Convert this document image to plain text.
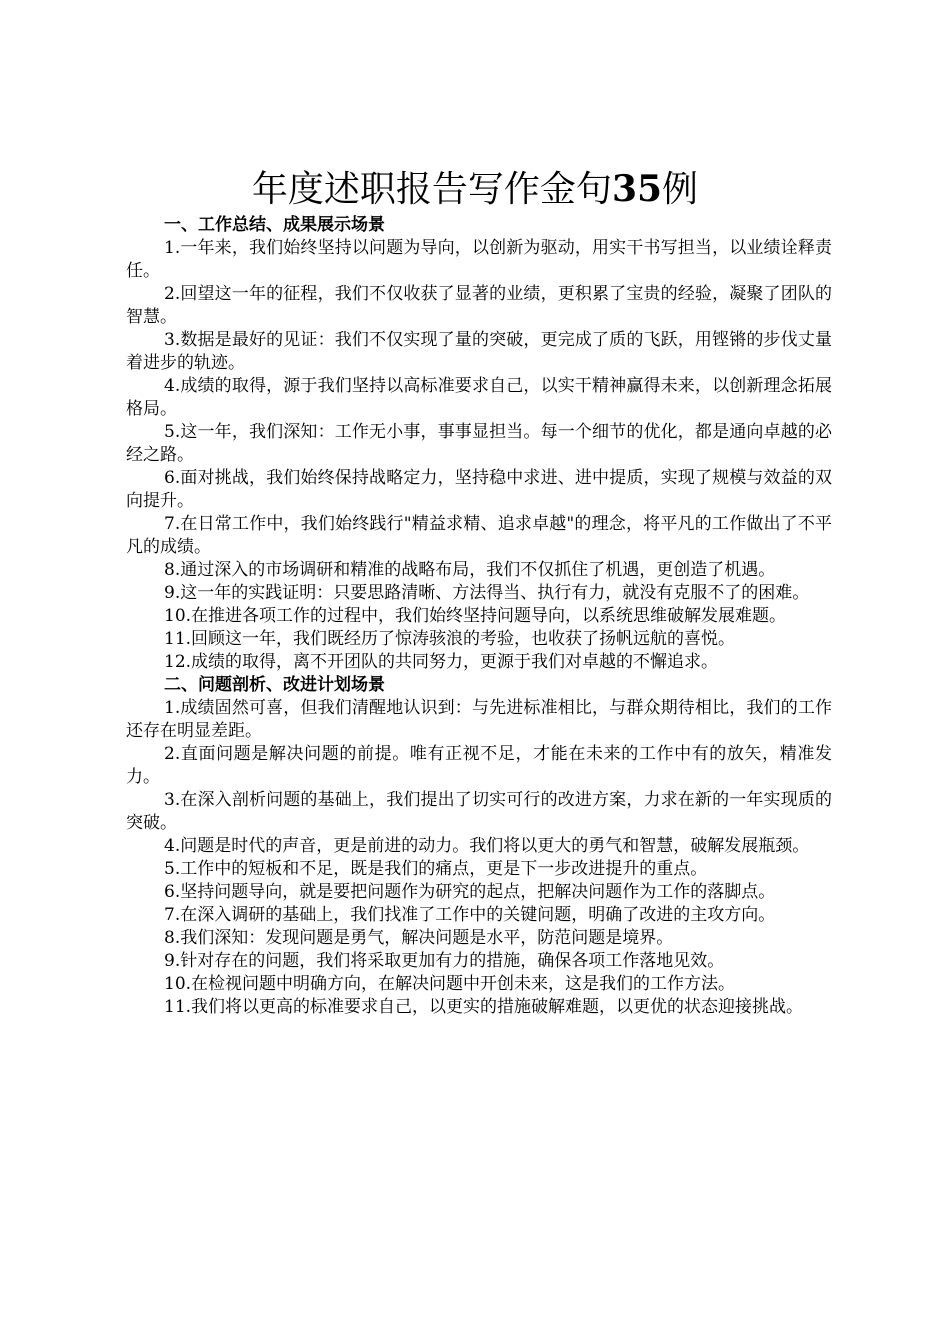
年度述职报告写作金句35例

一、工作总结、成果展示场景

1.一年来，我们始终坚持以问题为导向，以创新为驱动，用实干书写担当，以业绩诠释责任。

2.回望这一年的征程，我们不仅收获了显著的业绩，更积累了宝贵的经验，凝聚了团队的智慧。

3.数据是最好的见证：我们不仅实现了量的突破，更完成了质的飞跃，用铿锵的步伐丈量着进步的轨迹。

4.成绩的取得，源于我们坚持以高标准要求自己，以实干精神赢得未来，以创新理念拓展格局。

5.这一年，我们深知：工作无小事，事事显担当。每一个细节的优化，都是通向卓越的必经之路。

6.面对挑战，我们始终保持战略定力，坚持稳中求进、进中提质，实现了规模与效益的双向提升。

7.在日常工作中，我们始终践行"精益求精、追求卓越"的理念，将平凡的工作做出了不平凡的成绩。

8.通过深入的市场调研和精准的战略布局，我们不仅抓住了机遇，更创造了机遇。

9.这一年的实践证明：只要思路清晰、方法得当、执行有力，就没有克服不了的困难。

10.在推进各项工作的过程中，我们始终坚持问题导向，以系统思维破解发展难题。

11.回顾这一年，我们既经历了惊涛骇浪的考验，也收获了扬帆远航的喜悦。

12.成绩的取得，离不开团队的共同努力，更源于我们对卓越的不懈追求。

二、问题剖析、改进计划场景

1.成绩固然可喜，但我们清醒地认识到：与先进标准相比，与群众期待相比，我们的工作还存在明显差距。

2.直面问题是解决问题的前提。唯有正视不足，才能在未来的工作中有的放矢，精准发力。

3.在深入剖析问题的基础上，我们提出了切实可行的改进方案，力求在新的一年实现质的突破。

4.问题是时代的声音，更是前进的动力。我们将以更大的勇气和智慧，破解发展瓶颈。

5.工作中的短板和不足，既是我们的痛点，更是下一步改进提升的重点。

6.坚持问题导向，就是要把问题作为研究的起点，把解决问题作为工作的落脚点。

7.在深入调研的基础上，我们找准了工作中的关键问题，明确了改进的主攻方向。

8.我们深知：发现问题是勇气，解决问题是水平，防范问题是境界。

9.针对存在的问题，我们将采取更加有力的措施，确保各项工作落地见效。

10.在检视问题中明确方向，在解决问题中开创未来，这是我们的工作方法。

11.我们将以更高的标准要求自己，以更实的措施破解难题，以更优的状态迎接挑战。
